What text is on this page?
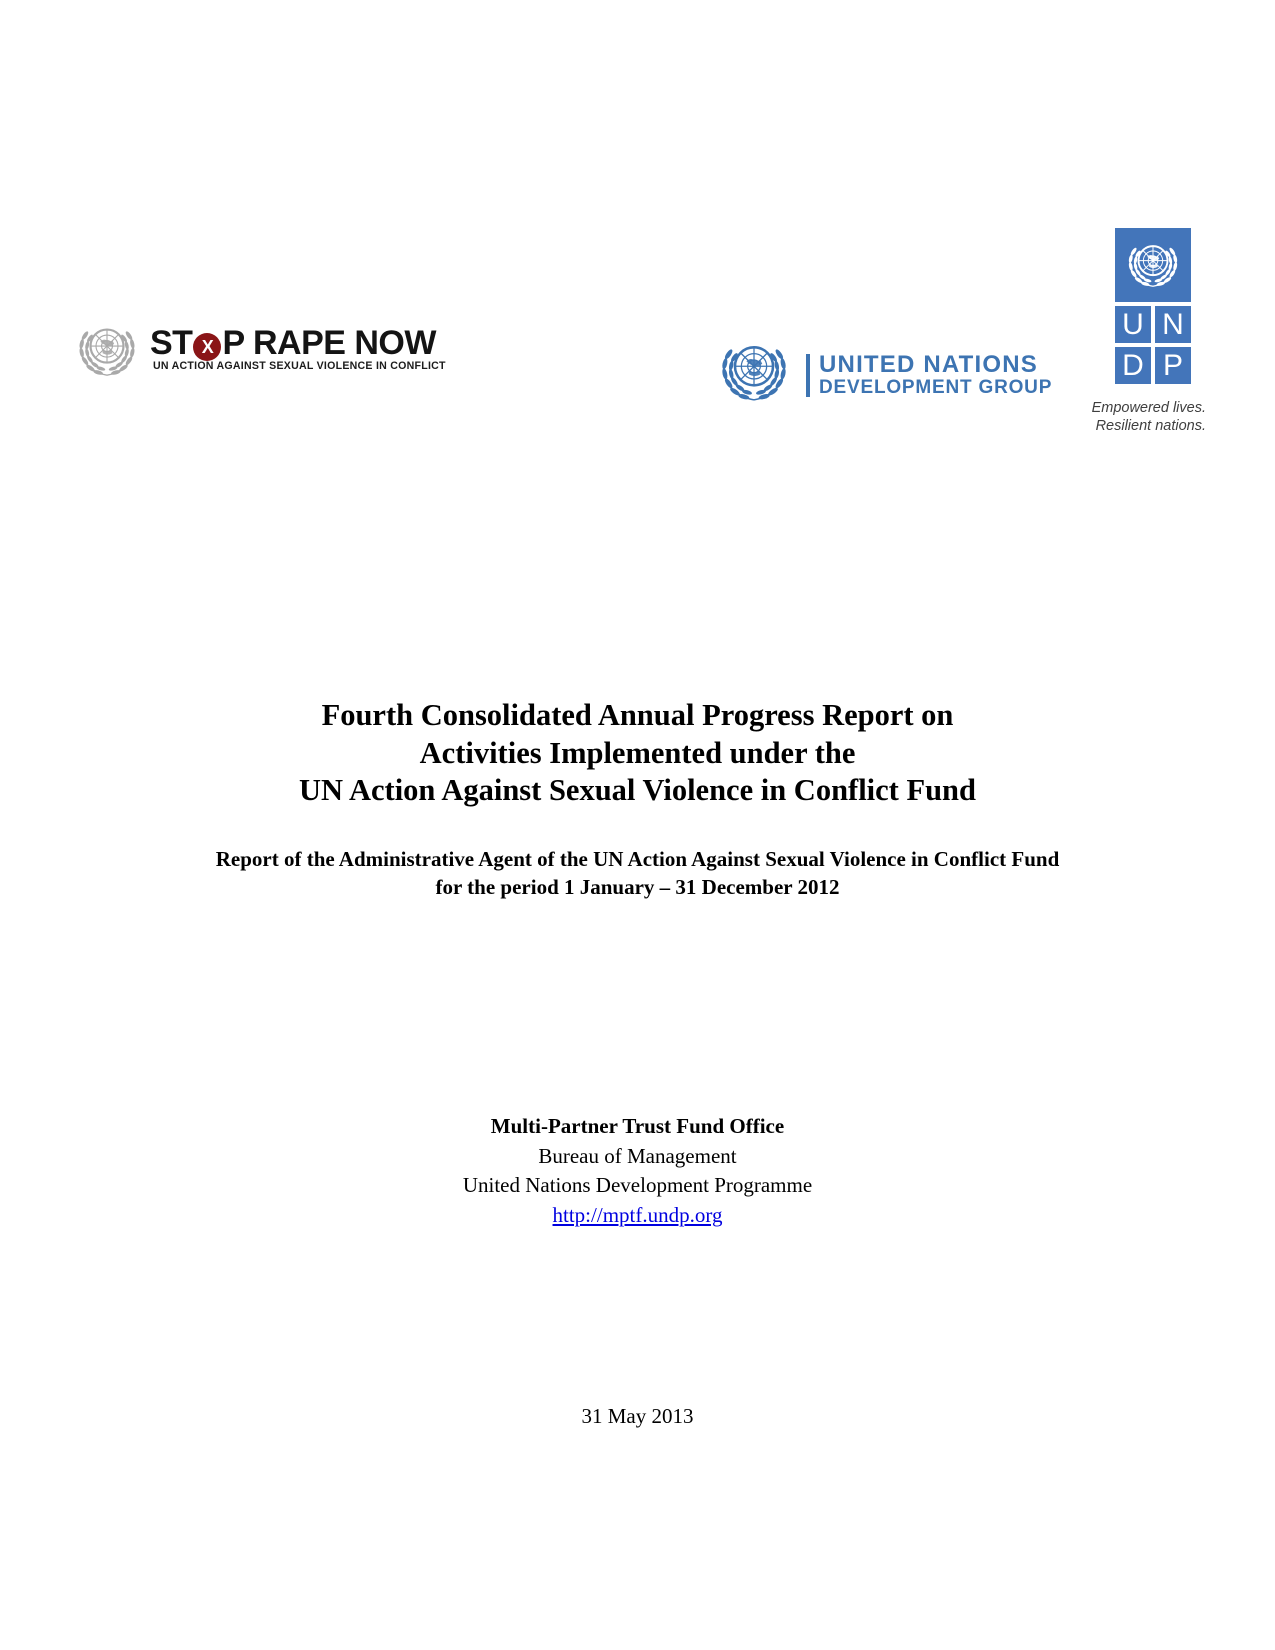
ST X P RAPE NOW
UN ACTION AGAINST SEXUAL VIOLENCE IN CONFLICT	UNITED NATIONS
DEVELOPMENT GROUP
U N
D P
Empowered lives.
Resilient nations.
Fourth Consolidated Annual Progress Report on
Activities Implemented under the
UN Action Against Sexual Violence in Conflict Fund
Report of the Administrative Agent of the UN Action Against Sexual Violence in Conflict Fund
for the period 1 January – 31 December 2012
Multi-Partner Trust Fund Office
Bureau of Management
United Nations Development Programme
http://mptf.undp.org
31 May 2013
